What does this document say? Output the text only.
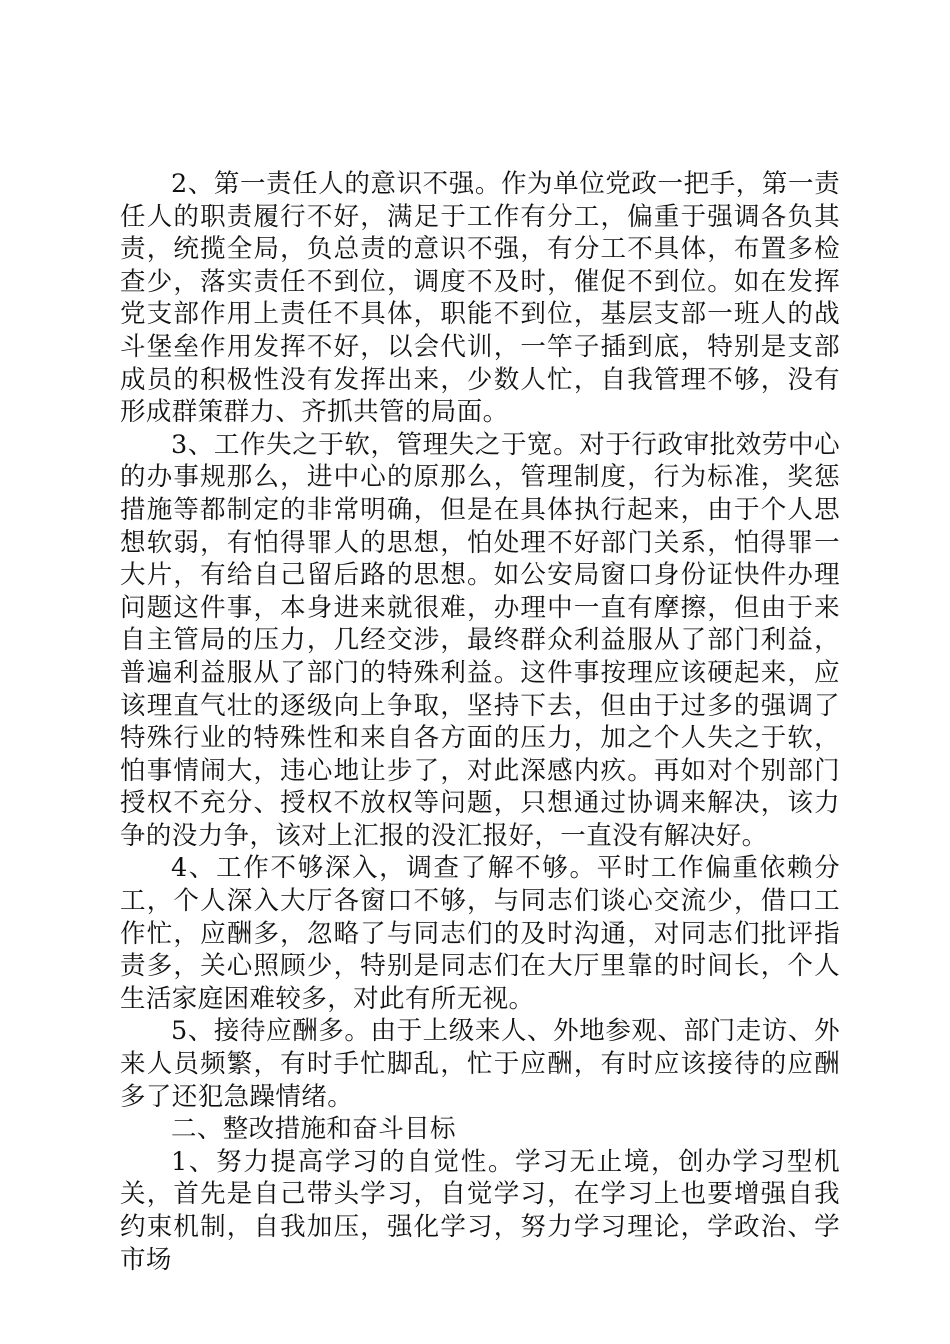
2、第一责任人的意识不强。作为单位党政一把手，第一责任人的职责履行不好，满足于工作有分工，偏重于强调各负其责，统揽全局，负总责的意识不强，有分工不具体，布置多检查少，落实责任不到位，调度不及时，催促不到位。如在发挥党支部作用上责任不具体，职能不到位，基层支部一班人的战斗堡垒作用发挥不好，以会代训，一竿子插到底，特别是支部成员的积极性没有发挥出来，少数人忙，自我管理不够，没有形成群策群力、齐抓共管的局面。

3、工作失之于软，管理失之于宽。对于行政审批效劳中心的办事规那么，进中心的原那么，管理制度，行为标准，奖惩措施等都制定的非常明确，但是在具体执行起来，由于个人思想软弱，有怕得罪人的思想，怕处理不好部门关系，怕得罪一大片，有给自己留后路的思想。如公安局窗口身份证快件办理问题这件事，本身进来就很难，办理中一直有摩擦，但由于来自主管局的压力，几经交涉，最终群众利益服从了部门利益，普遍利益服从了部门的特殊利益。这件事按理应该硬起来，应该理直气壮的逐级向上争取，坚持下去，但由于过多的强调了特殊行业的特殊性和来自各方面的压力，加之个人失之于软，怕事情闹大，违心地让步了，对此深感内疚。再如对个别部门授权不充分、授权不放权等问题，只想通过协调来解决，该力争的没力争，该对上汇报的没汇报好，一直没有解决好。

4、工作不够深入，调查了解不够。平时工作偏重依赖分工，个人深入大厅各窗口不够，与同志们谈心交流少，借口工作忙，应酬多，忽略了与同志们的及时沟通，对同志们批评指责多，关心照顾少，特别是同志们在大厅里靠的时间长，个人生活家庭困难较多，对此有所无视。

5、接待应酬多。由于上级来人、外地参观、部门走访、外来人员频繁，有时手忙脚乱，忙于应酬，有时应该接待的应酬多了还犯急躁情绪。

二、整改措施和奋斗目标

1、努力提高学习的自觉性。学习无止境，创办学习型机关，首先是自己带头学习，自觉学习，在学习上也要增强自我约束机制，自我加压，强化学习，努力学习理论，学政治、学市场
